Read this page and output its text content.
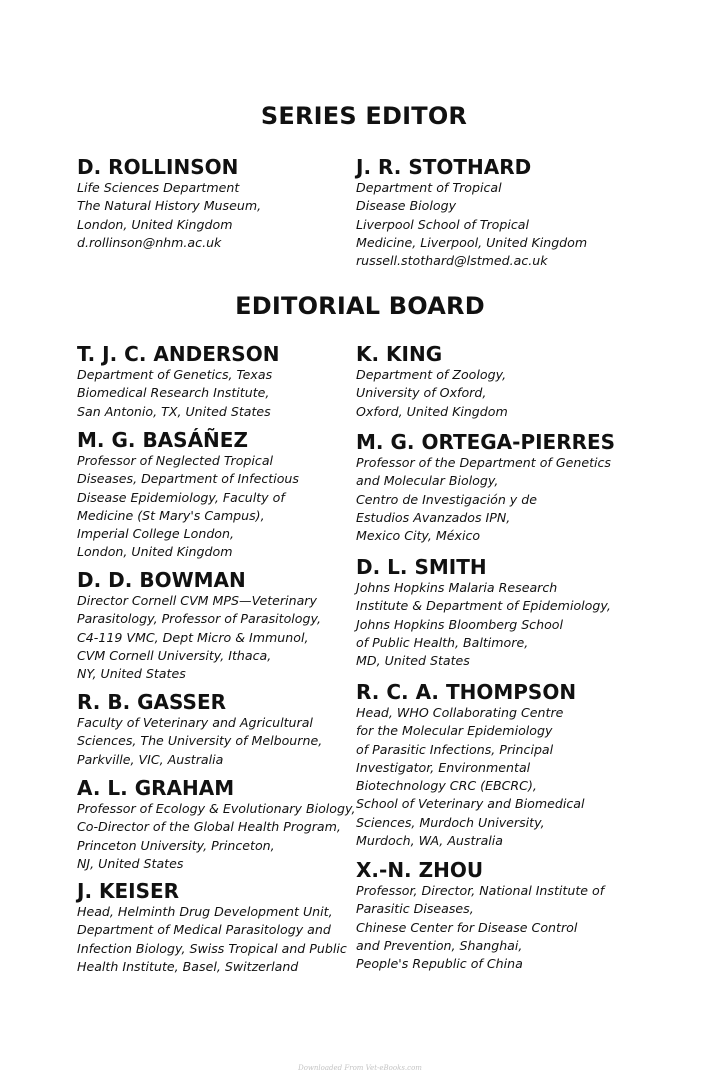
SERIES EDITOR
D. ROLLINSON
Life Sciences Department
The Natural History Museum,
London, United Kingdom
d.rollinson@nhm.ac.uk
J. R. STOTHARD
Department of Tropical
Disease Biology
Liverpool School of Tropical
Medicine, Liverpool, United Kingdom
russell.stothard@lstmed.ac.uk
EDITORIAL BOARD
T. J. C. ANDERSON
Department of Genetics, Texas
Biomedical Research Institute,
San Antonio, TX, United States
M. G. BASÁÑEZ
Professor of Neglected Tropical
Diseases, Department of Infectious
Disease Epidemiology, Faculty of
Medicine (St Mary's Campus),
Imperial College London,
London, United Kingdom
D. D. BOWMAN
Director Cornell CVM MPS—Veterinary
Parasitology, Professor of Parasitology,
C4-119 VMC, Dept Micro & Immunol,
CVM Cornell University, Ithaca,
NY, United States
R. B. GASSER
Faculty of Veterinary and Agricultural
Sciences, The University of Melbourne,
Parkville, VIC, Australia
A. L. GRAHAM
Professor of Ecology & Evolutionary Biology,
Co-Director of the Global Health Program,
Princeton University, Princeton,
NJ, United States
J. KEISER
Head, Helminth Drug Development Unit,
Department of Medical Parasitology and
Infection Biology, Swiss Tropical and Public
Health Institute, Basel, Switzerland
K. KING
Department of Zoology,
University of Oxford,
Oxford, United Kingdom
M. G. ORTEGA-PIERRES
Professor of the Department of Genetics
and Molecular Biology,
Centro de Investigación y de
Estudios Avanzados IPN,
Mexico City, México
D. L. SMITH
Johns Hopkins Malaria Research
Institute & Department of Epidemiology,
Johns Hopkins Bloomberg School
of Public Health, Baltimore,
MD, United States
R. C. A. THOMPSON
Head, WHO Collaborating Centre
for the Molecular Epidemiology
of Parasitic Infections, Principal
Investigator, Environmental
Biotechnology CRC (EBCRC),
School of Veterinary and Biomedical
Sciences, Murdoch University,
Murdoch, WA, Australia
X.-N. ZHOU
Professor, Director, National Institute of
Parasitic Diseases,
Chinese Center for Disease Control
and Prevention, Shanghai,
People's Republic of China
Downloaded From Vet-eBooks.com
